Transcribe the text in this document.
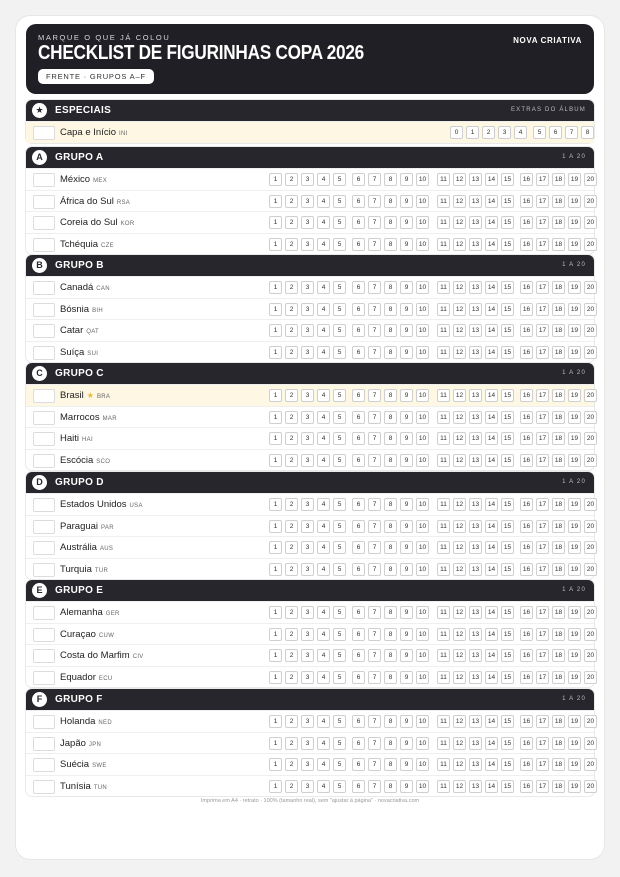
MARQUE O QUE JÁ COLOU
CHECKLIST DE FIGURINHAS COPA 2026
NOVA CRIATIVA
FRENTE · GRUPOS A–F
★	ESPECIAIS	EXTRAS DO ÁLBUM
Capa e Início INI	0	1	2	3	4	5	6	7	8
A	GRUPO A	1 A 20
México MEX	1	2	3	4	5	6	7	8	9	10	11	12	13	14	15	16	17	18	19	20
África do Sul RSA	1	2	3	4	5	6	7	8	9	10	11	12	13	14	15	16	17	18	19	20
Coreia do Sul KOR	1	2	3	4	5	6	7	8	9	10	11	12	13	14	15	16	17	18	19	20
Tchéquia CZE	1	2	3	4	5	6	7	8	9	10	11	12	13	14	15	16	17	18	19	20
B	GRUPO B	1 A 20
Canadá CAN	1	2	3	4	5	6	7	8	9	10	11	12	13	14	15	16	17	18	19	20
Bósnia BIH	1	2	3	4	5	6	7	8	9	10	11	12	13	14	15	16	17	18	19	20
Catar QAT	1	2	3	4	5	6	7	8	9	10	11	12	13	14	15	16	17	18	19	20
Suíça SUI	1	2	3	4	5	6	7	8	9	10	11	12	13	14	15	16	17	18	19	20
C	GRUPO C	1 A 20
Brasil ★ BRA	1	2	3	4	5	6	7	8	9	10	11	12	13	14	15	16	17	18	19	20
Marrocos MAR	1	2	3	4	5	6	7	8	9	10	11	12	13	14	15	16	17	18	19	20
Haiti HAI	1	2	3	4	5	6	7	8	9	10	11	12	13	14	15	16	17	18	19	20
Escócia SCO	1	2	3	4	5	6	7	8	9	10	11	12	13	14	15	16	17	18	19	20
D	GRUPO D	1 A 20
Estados Unidos USA	1	2	3	4	5	6	7	8	9	10	11	12	13	14	15	16	17	18	19	20
Paraguai PAR	1	2	3	4	5	6	7	8	9	10	11	12	13	14	15	16	17	18	19	20
Austrália AUS	1	2	3	4	5	6	7	8	9	10	11	12	13	14	15	16	17	18	19	20
Turquia TUR	1	2	3	4	5	6	7	8	9	10	11	12	13	14	15	16	17	18	19	20
E	GRUPO E	1 A 20
Alemanha GER	1	2	3	4	5	6	7	8	9	10	11	12	13	14	15	16	17	18	19	20
Curaçao CUW	1	2	3	4	5	6	7	8	9	10	11	12	13	14	15	16	17	18	19	20
Costa do Marfim CIV	1	2	3	4	5	6	7	8	9	10	11	12	13	14	15	16	17	18	19	20
Equador ECU	1	2	3	4	5	6	7	8	9	10	11	12	13	14	15	16	17	18	19	20
F	GRUPO F	1 A 20
Holanda NED	1	2	3	4	5	6	7	8	9	10	11	12	13	14	15	16	17	18	19	20
Japão JPN	1	2	3	4	5	6	7	8	9	10	11	12	13	14	15	16	17	18	19	20
Suécia SWE	1	2	3	4	5	6	7	8	9	10	11	12	13	14	15	16	17	18	19	20
Tunísia TUN	1	2	3	4	5	6	7	8	9	10	11	12	13	14	15	16	17	18	19	20
Imprima em A4 · retrato · 100% (tamanho real), sem "ajustar à página" · novacriativa.com
